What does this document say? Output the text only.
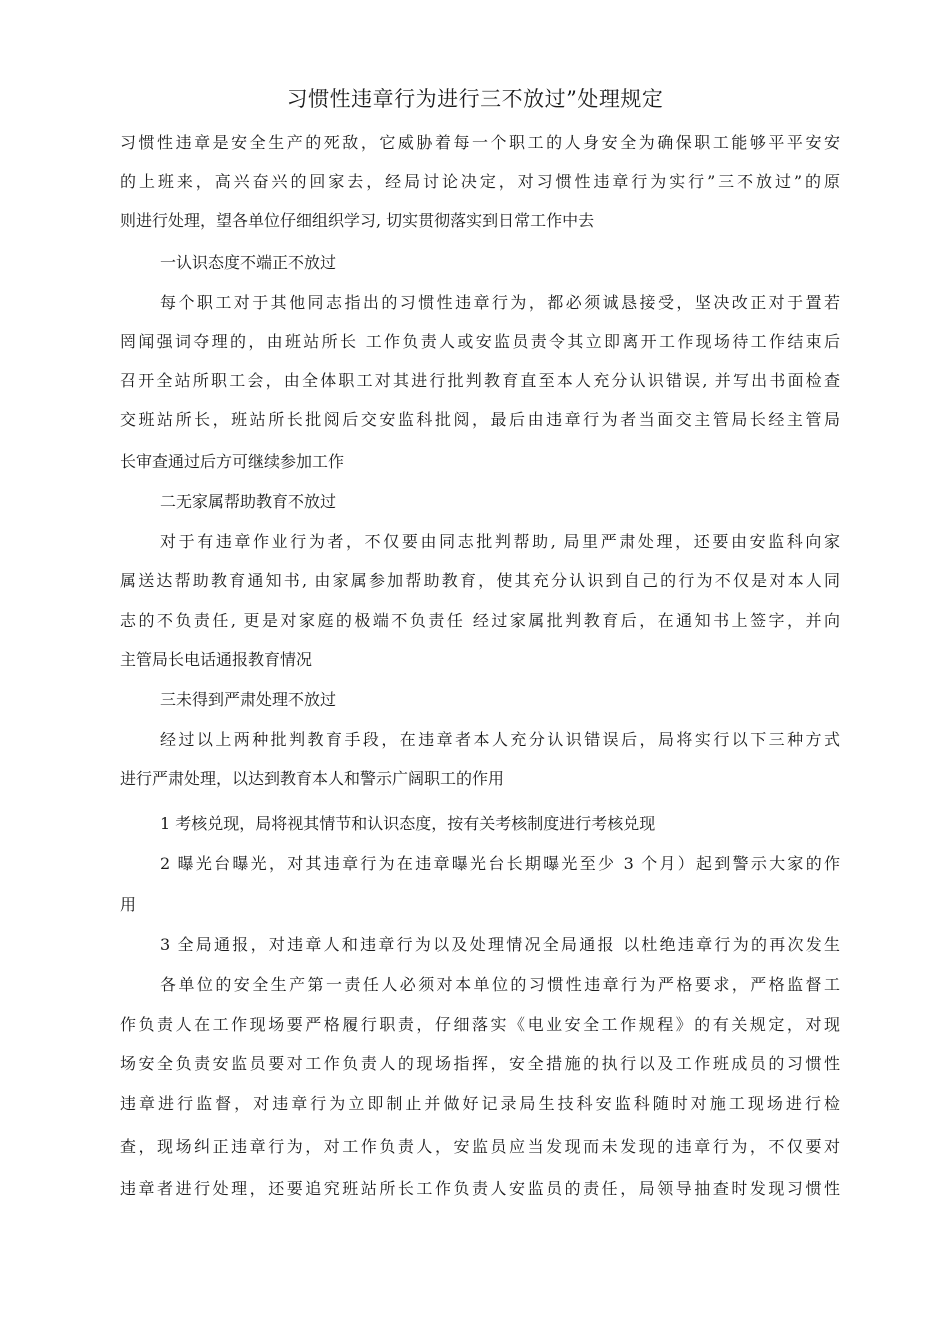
习惯性违章行为进行三不放过”处理规定
习惯性违章是安全生产的死敌，它威胁着每一个职工的人身安全为确保职工能够平平安安
的上班来，高兴奋兴的回家去，经局讨论决定，对习惯性违章行为实行”三不放过”的原
则进行处理，望各单位仔细组织学习, 切实贯彻落实到日常工作中去
一认识态度不端正不放过
每个职工对于其他同志指出的习惯性违章行为，都必须诚恳接受，坚决改正对于置若
罔闻强词夺理的，由班站所长 工作负责人或安监员责令其立即离开工作现场待工作结束后
召开全站所职工会，由全体职工对其进行批判教育直至本人充分认识错误, 并写出书面检查
交班站所长，班站所长批阅后交安监科批阅，最后由违章行为者当面交主管局长经主管局
长审查通过后方可继续参加工作
二无家属帮助教育不放过
对于有违章作业行为者，不仅要由同志批判帮助, 局里严肃处理，还要由安监科向家
属送达帮助教育通知书, 由家属参加帮助教育，使其充分认识到自己的行为不仅是对本人同
志的不负责任, 更是对家庭的极端不负责任 经过家属批判教育后，在通知书上签字，并向
主管局长电话通报教育情况
三未得到严肃处理不放过
经过以上两种批判教育手段，在违章者本人充分认识错误后，局将实行以下三种方式
进行严肃处理，以达到教育本人和警示广阔职工的作用
1 考核兑现，局将视其情节和认识态度，按有关考核制度进行考核兑现
2 曝光台曝光，对其违章行为在违章曝光台长期曝光至少 3 个月）起到警示大家的作
用
3 全局通报，对违章人和违章行为以及处理情况全局通报 以杜绝违章行为的再次发生
各单位的安全生产第一责任人必须对本单位的习惯性违章行为严格要求，严格监督工
作负责人在工作现场要严格履行职责，仔细落实《电业安全工作规程》的有关规定，对现
场安全负责安监员要对工作负责人的现场指挥，安全措施的执行以及工作班成员的习惯性
违章进行监督，对违章行为立即制止并做好记录局生技科安监科随时对施工现场进行检
查，现场纠正违章行为，对工作负责人，安监员应当发现而未发现的违章行为，不仅要对
违章者进行处理，还要追究班站所长工作负责人安监员的责任，局领导抽查时发现习惯性
